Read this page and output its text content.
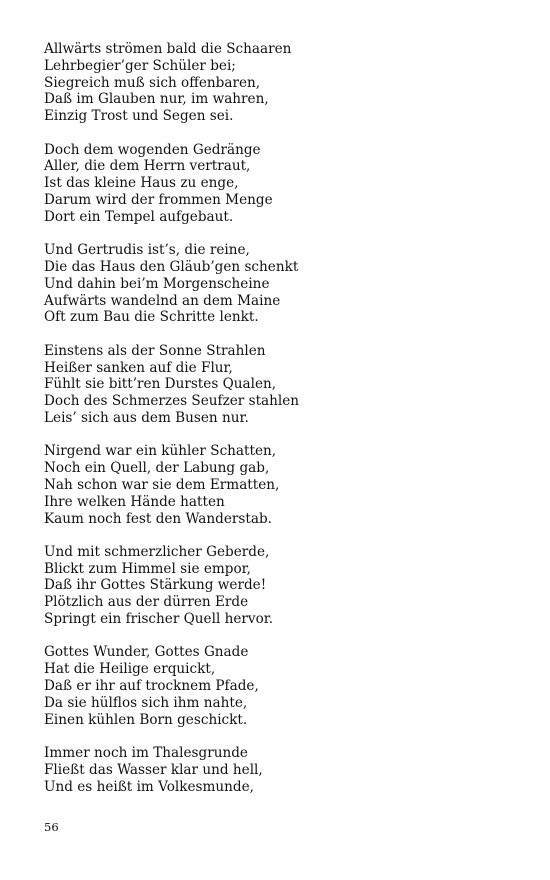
Allwärts strömen bald die Schaaren
Lehrbegier’ger Schüler bei;
Siegreich muß sich offenbaren,
Daß im Glauben nur, im wahren,
Einzig Trost und Segen sei.
Doch dem wogenden Gedränge
Aller, die dem Herrn vertraut,
Ist das kleine Haus zu enge,
Darum wird der frommen Menge
Dort ein Tempel aufgebaut.
Und Gertrudis ist’s, die reine,
Die das Haus den Gläub’gen schenkt
Und dahin bei’m Morgenscheine
Aufwärts wandelnd an dem Maine
Oft zum Bau die Schritte lenkt.
Einstens als der Sonne Strahlen
Heißer sanken auf die Flur,
Fühlt sie bitt’ren Durstes Qualen,
Doch des Schmerzes Seufzer stahlen
Leis’ sich aus dem Busen nur.
Nirgend war ein kühler Schatten,
Noch ein Quell, der Labung gab,
Nah schon war sie dem Ermatten,
Ihre welken Hände hatten
Kaum noch fest den Wanderstab.
Und mit schmerzlicher Geberde,
Blickt zum Himmel sie empor,
Daß ihr Gottes Stärkung werde!
Plötzlich aus der dürren Erde
Springt ein frischer Quell hervor.
Gottes Wunder, Gottes Gnade
Hat die Heilige erquickt,
Daß er ihr auf trocknem Pfade,
Da sie hülflos sich ihm nahte,
Einen kühlen Born geschickt.
Immer noch im Thalesgrunde
Fließt das Wasser klar und hell,
Und es heißt im Volkesmunde,
56
